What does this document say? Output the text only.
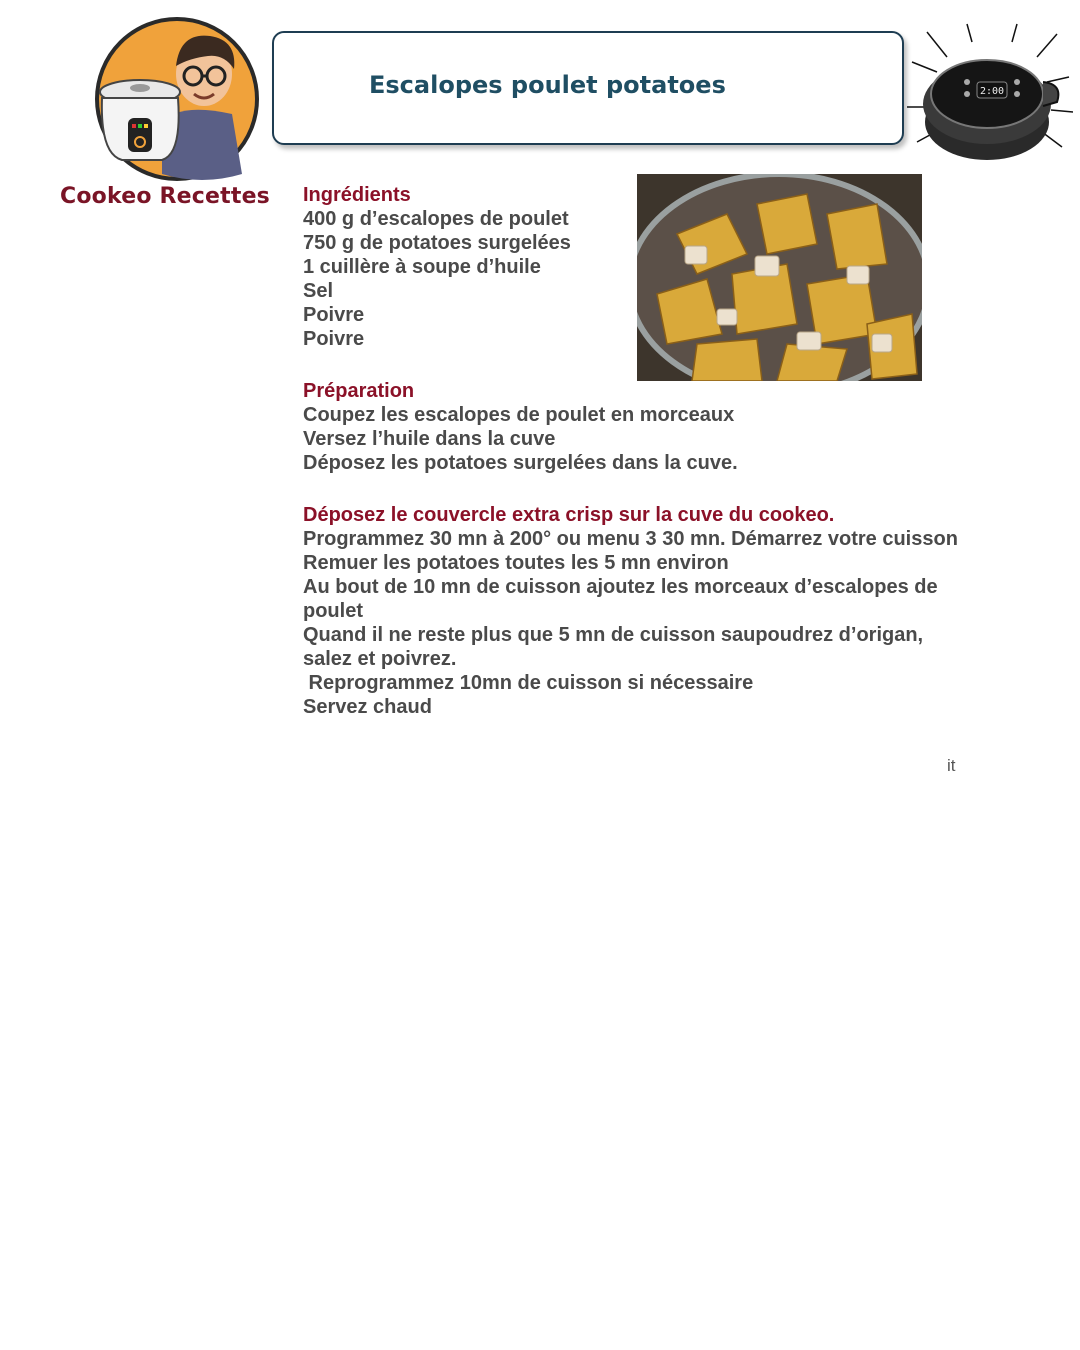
Cookeo Recettes
Escalopes poulet potatoes	2:00
Ingrédients
400 g d’escalopes de poulet
750 g de potatoes surgelées
1 cuillère à soupe d’huile
Sel
Poivre
Poivre
Préparation
Coupez les escalopes de poulet en morceaux
Versez l’huile dans la cuve
Déposez les potatoes surgelées dans la cuve.
Déposez le couvercle extra crisp sur la cuve du cookeo.
Programmez 30 mn à 200° ou menu 3 30 mn. Démarrez votre cuisson
Remuer les potatoes toutes les 5 mn environ
Au bout de 10 mn de cuisson ajoutez les morceaux d’escalopes de
poulet
Quand il ne reste plus que 5 mn de cuisson saupoudrez d’origan,
salez et poivrez.
Reprogrammez 10mn de cuisson si nécessaire
Servez chaud
it
